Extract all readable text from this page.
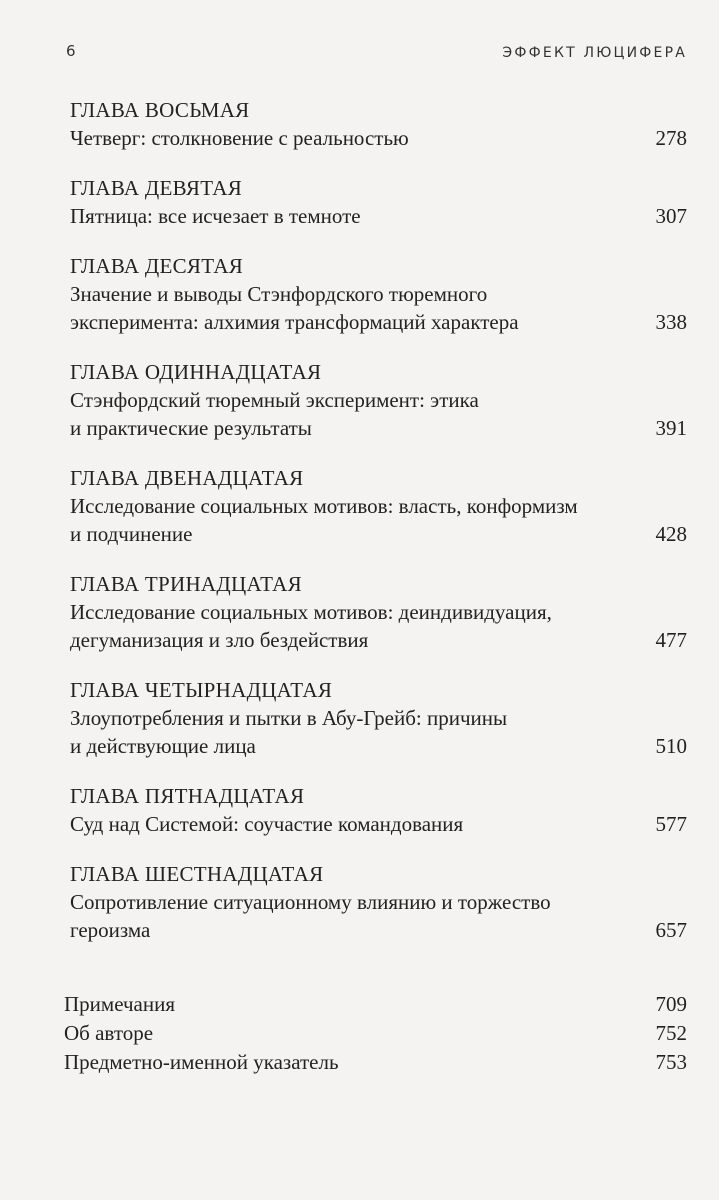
6	ЭФФЕКТ ЛЮЦИФЕРА
ГЛАВА ВОСЬМАЯ
Четверг: столкновение с реальностью	278
ГЛАВА ДЕВЯТАЯ
Пятница: все исчезает в темноте	307
ГЛАВА ДЕСЯТАЯ
Значение и выводы Стэнфордского тюремного
эксперимента: алхимия трансформаций характера	338
ГЛАВА ОДИННАДЦАТАЯ
Стэнфордский тюремный эксперимент: этика
и практические результаты	391
ГЛАВА ДВЕНАДЦАТАЯ
Исследование социальных мотивов: власть, конформизм
и подчинение	428
ГЛАВА ТРИНАДЦАТАЯ
Исследование социальных мотивов: деиндивидуация,
дегуманизация и зло бездействия	477
ГЛАВА ЧЕТЫРНАДЦАТАЯ
Злоупотребления и пытки в Абу-Грейб: причины
и действующие лица	510
ГЛАВА ПЯТНАДЦАТАЯ
Суд над Системой: соучастие командования	577
ГЛАВА ШЕСТНАДЦАТАЯ
Сопротивление ситуационному влиянию и торжество
героизма	657
Примечания	709
Об авторе	752
Предметно-именной указатель	753
